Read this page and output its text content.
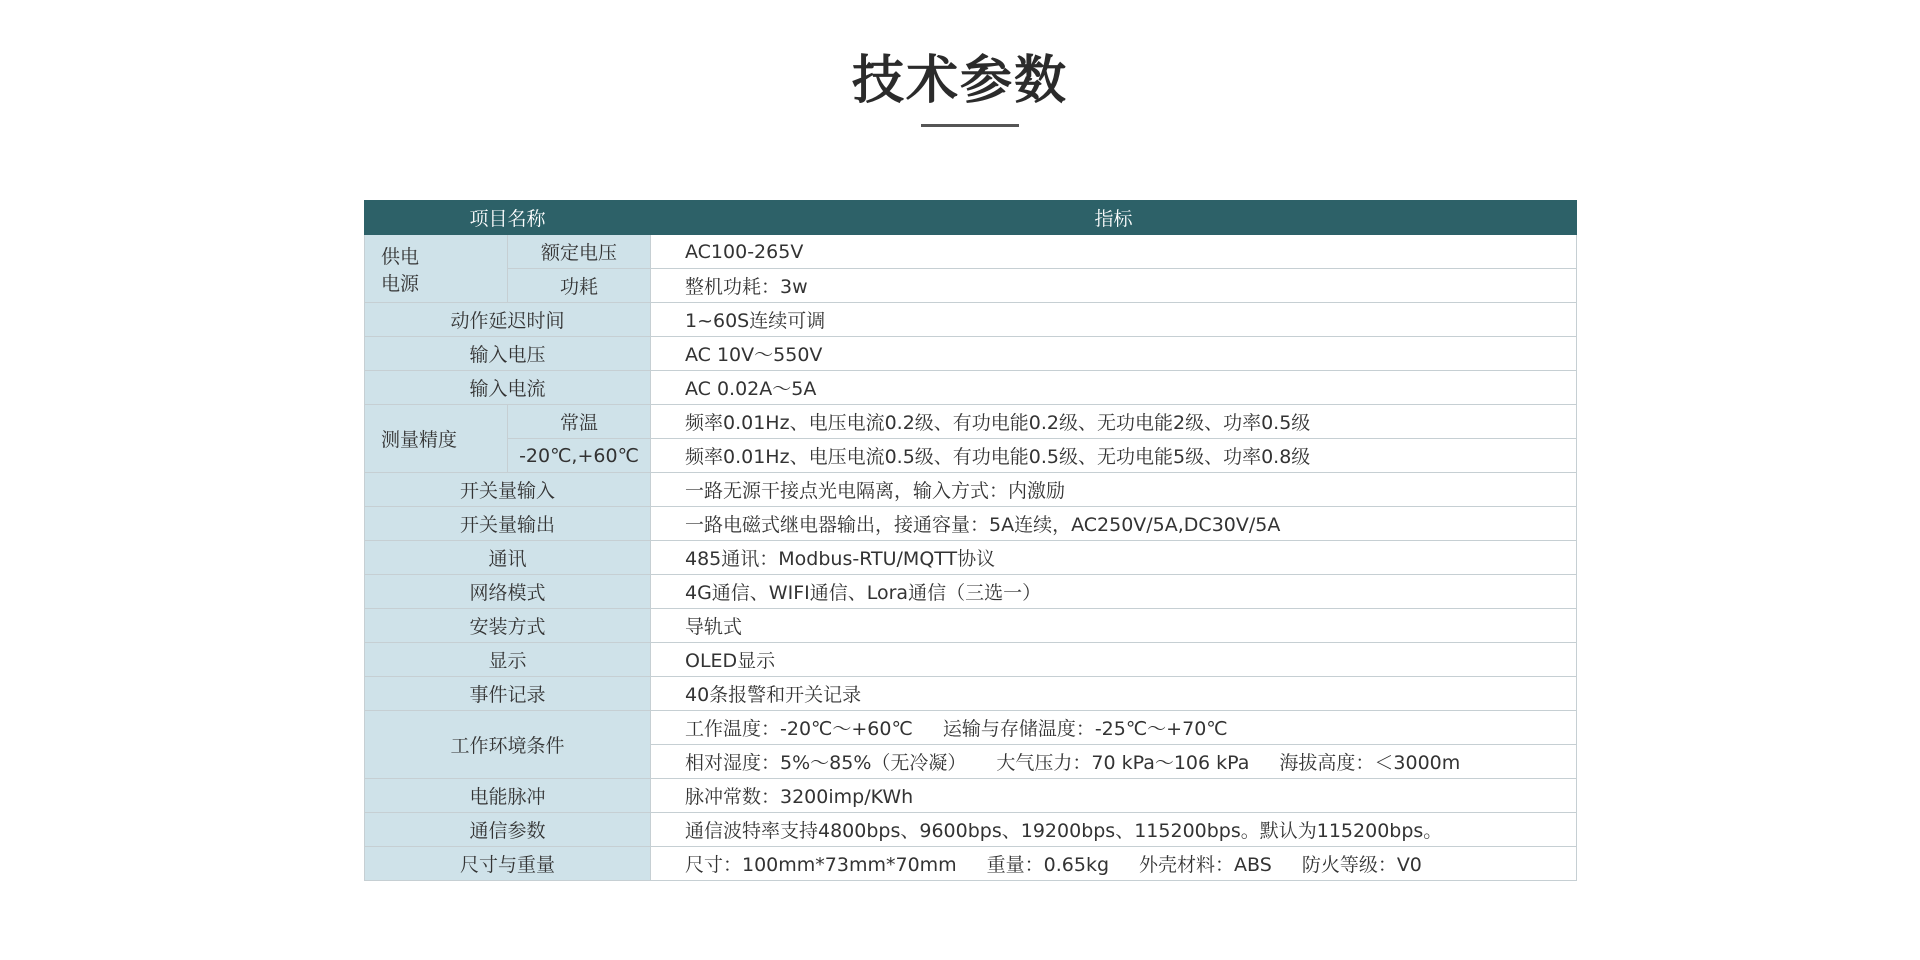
技术参数
项目名称		指标
供电
电源	额定电压	AC100-265V
	功耗	整机功耗：3w
动作延迟时间		1~60S连续可调
输入电压		AC 10V～550V
输入电流		AC 0.02A～5A
测量精度	常温	频率0.01Hz、电压电流0.2级、有功电能0.2级、无功电能2级、功率0.5级
	-20℃,+60℃	频率0.01Hz、电压电流0.5级、有功电能0.5级、无功电能5级、功率0.8级
开关量输入		一路无源干接点光电隔离，输入方式：内激励
开关量输出		一路电磁式继电器输出，接通容量：5A连续，AC250V/5A,DC30V/5A
通讯		485通讯：Modbus-RTU/MQTT协议
网络模式		4G通信、WIFI通信、Lora通信（三选一）
安装方式		导轨式
显示		OLED显示
事件记录		40条报警和开关记录
工作环境条件		工作温度：-20℃～+60℃ 运输与存储温度：-25℃～+70℃
		相对湿度：5%～85%（无冷凝） 大气压力：70 kPa～106 kPa 海拔高度：＜3000m
电能脉冲		脉冲常数：3200imp/KWh
通信参数		通信波特率支持4800bps、9600bps、19200bps、115200bps。默认为115200bps。
尺寸与重量		尺寸：100mm*73mm*70mm 重量：0.65kg 外壳材料：ABS 防火等级：V0
